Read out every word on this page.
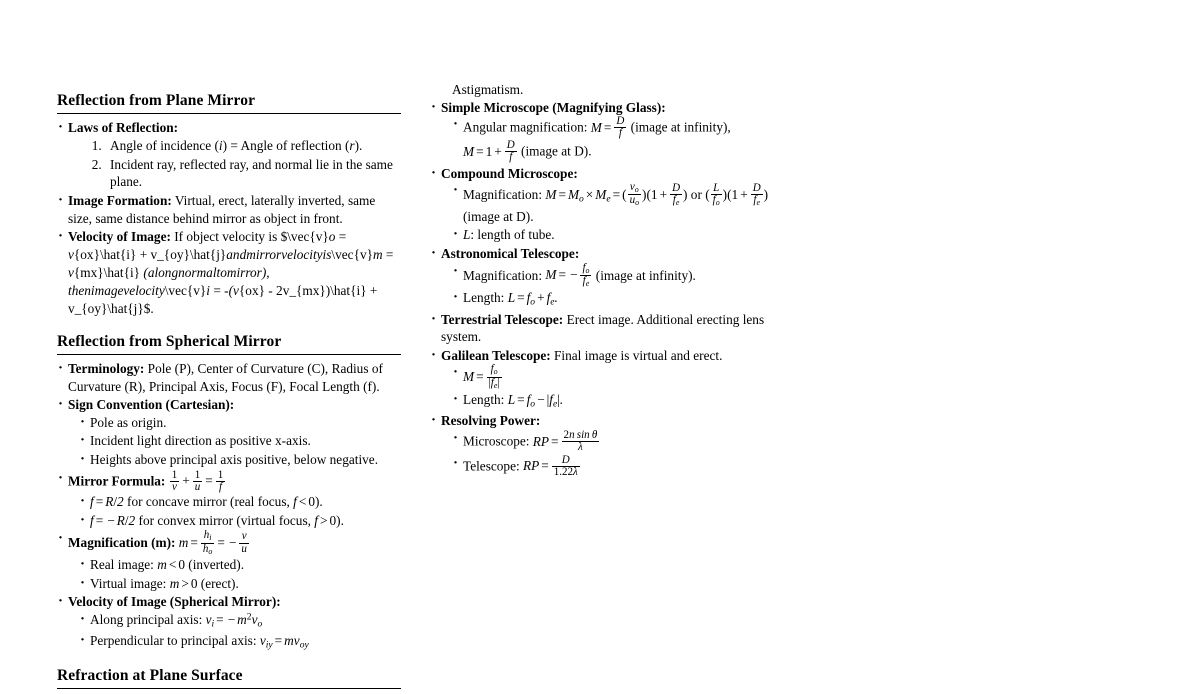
Reflection from Plane Mirror
· Laws of Reflection:
1. Angle of incidence (i) = Angle of reflection (r).
2. Incident ray, reflected ray, and normal lie in the same plane.
· Image Formation: Virtual, erect, laterally inverted, same size, same distance behind mirror as object in front.
· Velocity of Image: If object velocity is $\vec{v}o = v{ox}\hat{i} + v_{oy}\hat{j}andmirrorvelocityis\vec{v}m = v{mx}\hat{i} (alongnormaltomirror), thenimagevelocity\vec{v}i = -(v{ox} - 2v_{mx})\hat{i} + v_{oy}\hat{j}$.
Reflection from Spherical Mirror
· Terminology: Pole (P), Center of Curvature (C), Radius of Curvature (R), Principal Axis, Focus (F), Focal Length (f).
· Sign Convention (Cartesian):
· Pole as origin.
· Incident light direction as positive x-axis.
· Heights above principal axis positive, below negative.
· Mirror Formula: $\frac{1}{v} + \frac{1}{u} = \frac{1}{f}$
· f = R/2 for concave mirror (real focus, f < 0).
· f = − R/2 for convex mirror (virtual focus, f > 0).
· Magnification (m): $m = \frac{h_i}{h_o}$ = − $\frac{v}{u}$
· Real image: m < 0 (inverted).
· Virtual image: m > 0 (erect).
· Velocity of Image (Spherical Mirror):
· Along principal axis: $v_i$ = − $m^2v_o$
· Perpendicular to principal axis: $v_{iy} = mv_{oy}$
Refraction at Plane Surface
Astigmatism.
· Simple Microscope (Magnifying Glass):
· Angular magnification: $M = \frac{D}{f}$ (image at infinity), $M = 1 + \frac{D}{f}$ (image at D).
· Compound Microscope:
· Magnification: $M = M_o \times M_e$ = ( $\frac{v_o}{u_o} )(1 + \frac{D}{f_e}$ ) or ( $\frac{L}{f_o} )(1 + \frac{D}{f_e}$ ) (image at D).
· L: length of tube.
· Astronomical Telescope:
· Magnification: M = − $\frac{f_o}{f_e}$ (image at infinity).
· Length: $L = f_o + f_e$.
· Terrestrial Telescope: Erect image. Additional erecting lens system.
· Galilean Telescope: Final image is virtual and erect.
· $M = \frac{f_o}{|f_e|}$
· Length: $L = f_o - |f_e|$.
· Resolving Power:
· Microscope: RP = $\frac{\text{2n  sin  θ}}{\lambda}$
· Telescope: RP = $\frac{D}{1.22\lambda}$
